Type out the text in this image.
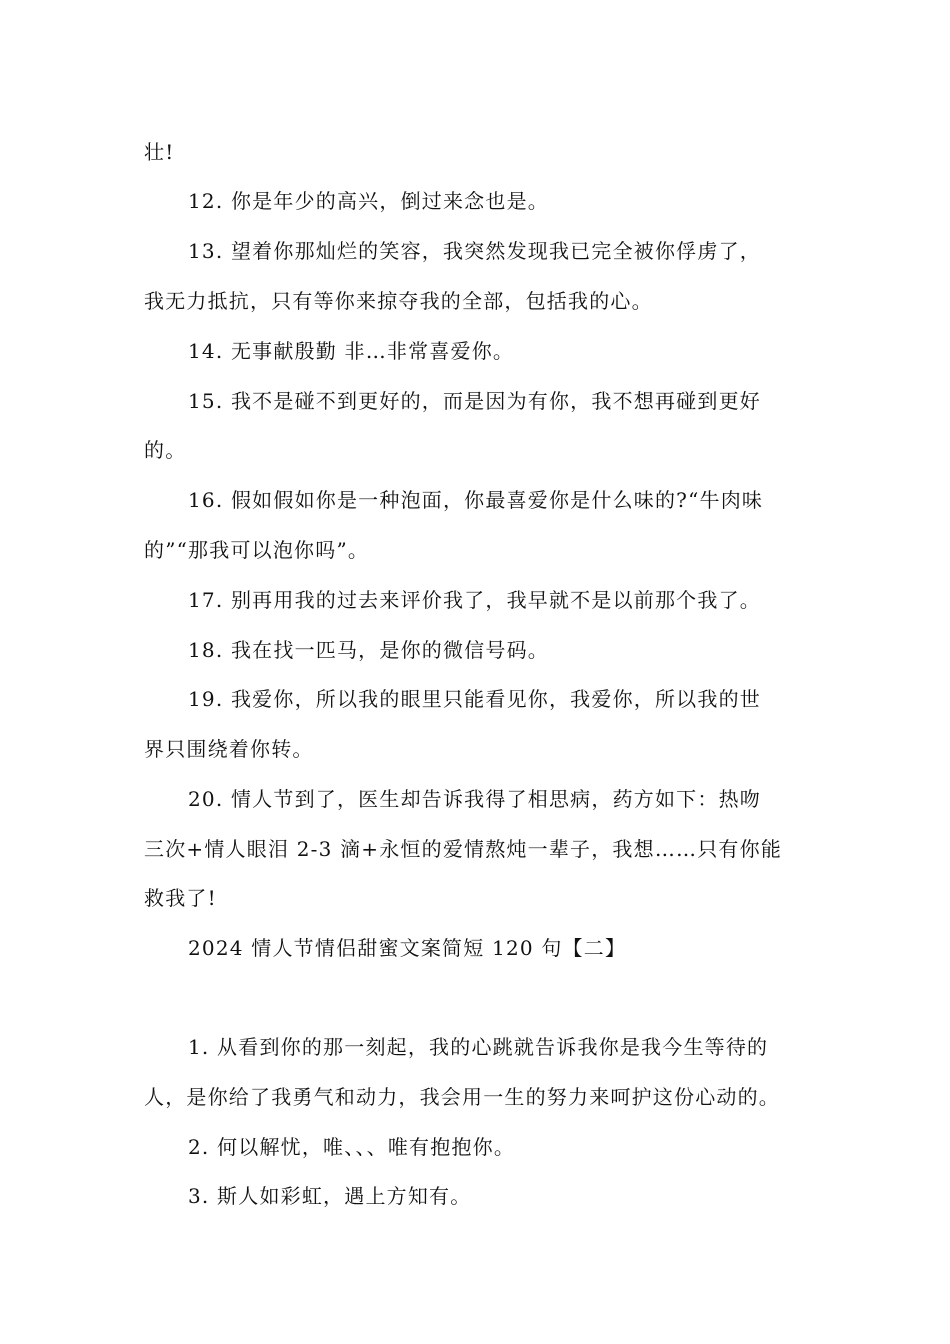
壮!
12. 你是年少的高兴，倒过来念也是。
13. 望着你那灿烂的笑容，我突然发现我已完全被你俘虏了，
我无力抵抗，只有等你来掠夺我的全部，包括我的心。
14. 无事献殷勤 非…非常喜爱你。
15. 我不是碰不到更好的，而是因为有你，我不想再碰到更好
的。
16. 假如假如你是一种泡面，你最喜爱你是什么味的?“牛肉味
的”“那我可以泡你吗”。
17. 别再用我的过去来评价我了，我早就不是以前那个我了。
18. 我在找一匹马，是你的微信号码。
19. 我爱你，所以我的眼里只能看见你，我爱你，所以我的世
界只围绕着你转。
20. 情人节到了，医生却告诉我得了相思病，药方如下：热吻
三次+情人眼泪 2-3 滴+永恒的爱情熬炖一辈子，我想……只有你能
救我了!
2024 情人节情侣甜蜜文案简短 120 句【二】
1. 从看到你的那一刻起，我的心跳就告诉我你是我今生等待的
人，是你给了我勇气和动力，我会用一生的努力来呵护这份心动的。
2. 何以解忧，唯、、、唯有抱抱你。
3. 斯人如彩虹，遇上方知有。
